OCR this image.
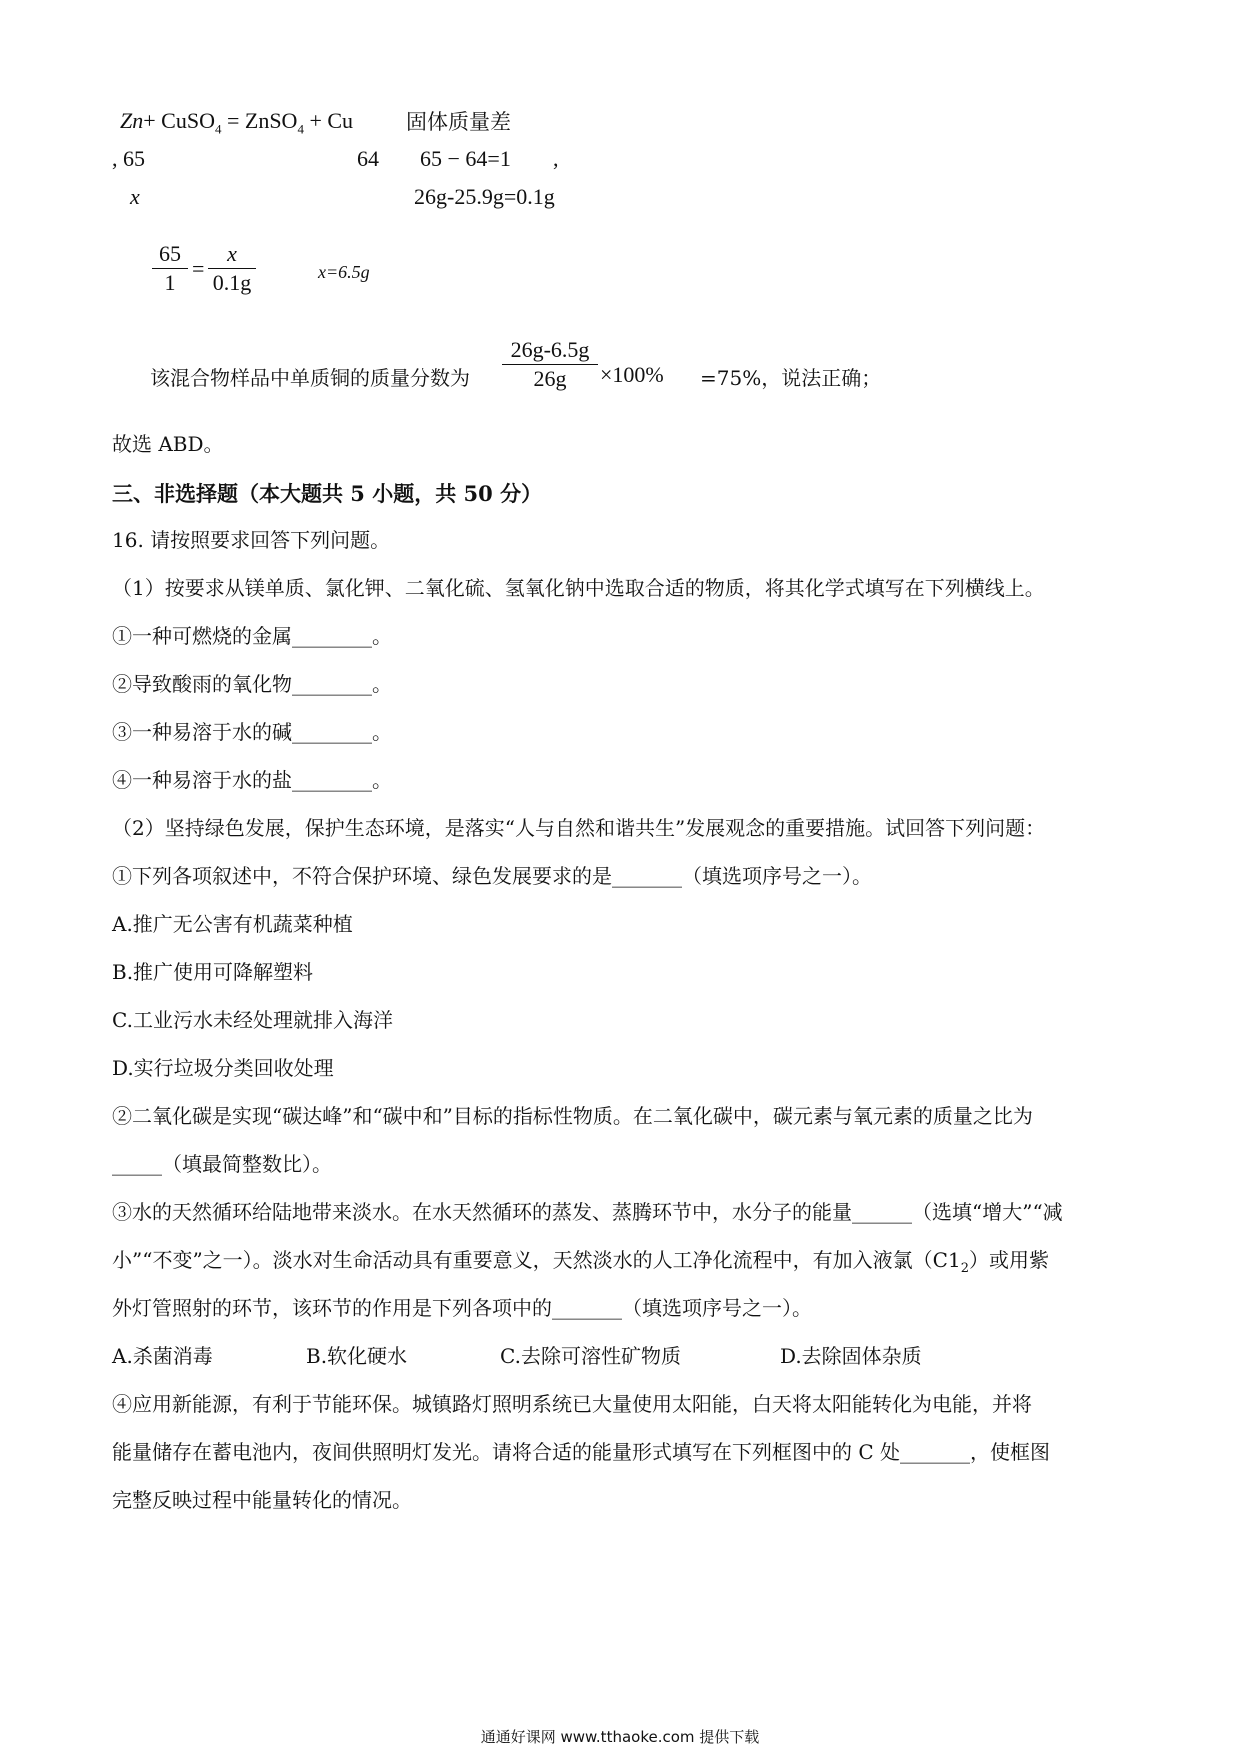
Zn+ CuSO$_4$ = ZnSO$_4$ + Cu	固体质量差
, 65	64 65 − 64=1 ,
x	26g-25.9g=0.1g
65
1
=
x
0.1g	x=6.5g
该混合物样品中单质铜的质量分数为
26g-6.5g
26g	×100% =75%，说法正确；
故选 ABD。
三、非选择题（本大题共 5 小题，共 50 分）
16. 请按照要求回答下列问题。
（1）按要求从镁单质、氯化钾、二氧化硫、氢氧化钠中选取合适的物质，将其化学式填写在下列横线上。
①一种可燃烧的金属________。
②导致酸雨的氧化物________。
③一种易溶于水的碱________。
④一种易溶于水的盐________。
（2）坚持绿色发展，保护生态环境，是落实“人与自然和谐共生”发展观念的重要措施。试回答下列问题：
①下列各项叙述中，不符合保护环境、绿色发展要求的是_______（填选项序号之一）。
A.推广无公害有机蔬菜种植
B.推广使用可降解塑料
C.工业污水未经处理就排入海洋
D.实行垃圾分类回收处理
②二氧化碳是实现“碳达峰”和“碳中和”目标的指标性物质。在二氧化碳中，碳元素与氧元素的质量之比为
_____（填最简整数比）。
③水的天然循环给陆地带来淡水。在水天然循环的蒸发、蒸腾环节中，水分子的能量______（选填“增大”“减
小”“不变”之一）。淡水对生命活动具有重要意义，天然淡水的人工净化流程中，有加入液氯$(C1_2)$或用紫
外灯管照射的环节，该环节的作用是下列各项中的_______（填选项序号之一）。
A.杀菌消毒	B.软化硬水	C.去除可溶性矿物质	D.去除固体杂质
④应用新能源，有利于节能环保。城镇路灯照明系统已大量使用太阳能，白天将太阳能转化为电能，并将
能量储存在蓄电池内，夜间供照明灯发光。请将合适的能量形式填写在下列框图中的 C 处_______，使框图
完整反映过程中能量转化的情况。
通通好课网 www.tthaoke.com 提供下载
